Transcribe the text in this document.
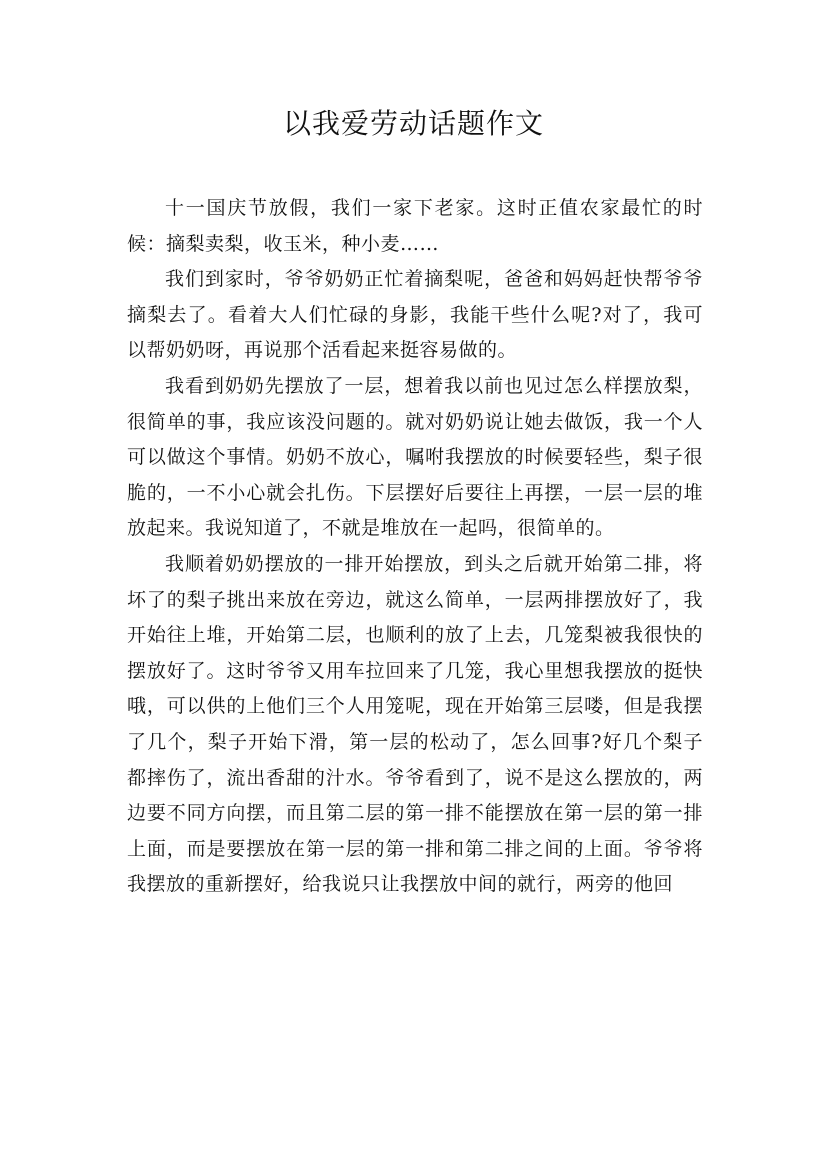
以我爱劳动话题作文

十一国庆节放假，我们一家下老家。这时正值农家最忙的时候：摘梨卖梨，收玉米，种小麦……

我们到家时，爷爷奶奶正忙着摘梨呢，爸爸和妈妈赶快帮爷爷摘梨去了。看着大人们忙碌的身影，我能干些什么呢?对了，我可以帮奶奶呀，再说那个活看起来挺容易做的。

我看到奶奶先摆放了一层，想着我以前也见过怎么样摆放梨，很简单的事，我应该没问题的。就对奶奶说让她去做饭，我一个人可以做这个事情。奶奶不放心，嘱咐我摆放的时候要轻些，梨子很脆的，一不小心就会扎伤。下层摆好后要往上再摆，一层一层的堆放起来。我说知道了，不就是堆放在一起吗，很简单的。

我顺着奶奶摆放的一排开始摆放，到头之后就开始第二排，将坏了的梨子挑出来放在旁边，就这么简单，一层两排摆放好了，我开始往上堆，开始第二层，也顺利的放了上去，几笼梨被我很快的摆放好了。这时爷爷又用车拉回来了几笼，我心里想我摆放的挺快哦，可以供的上他们三个人用笼呢，现在开始第三层喽，但是我摆了几个，梨子开始下滑，第一层的松动了，怎么回事?好几个梨子都摔伤了，流出香甜的汁水。爷爷看到了，说不是这么摆放的，两边要不同方向摆，而且第二层的第一排不能摆放在第一层的第一排上面，而是要摆放在第一层的第一排和第二排之间的上面。爷爷将我摆放的重新摆好，给我说只让我摆放中间的就行，两旁的他回
